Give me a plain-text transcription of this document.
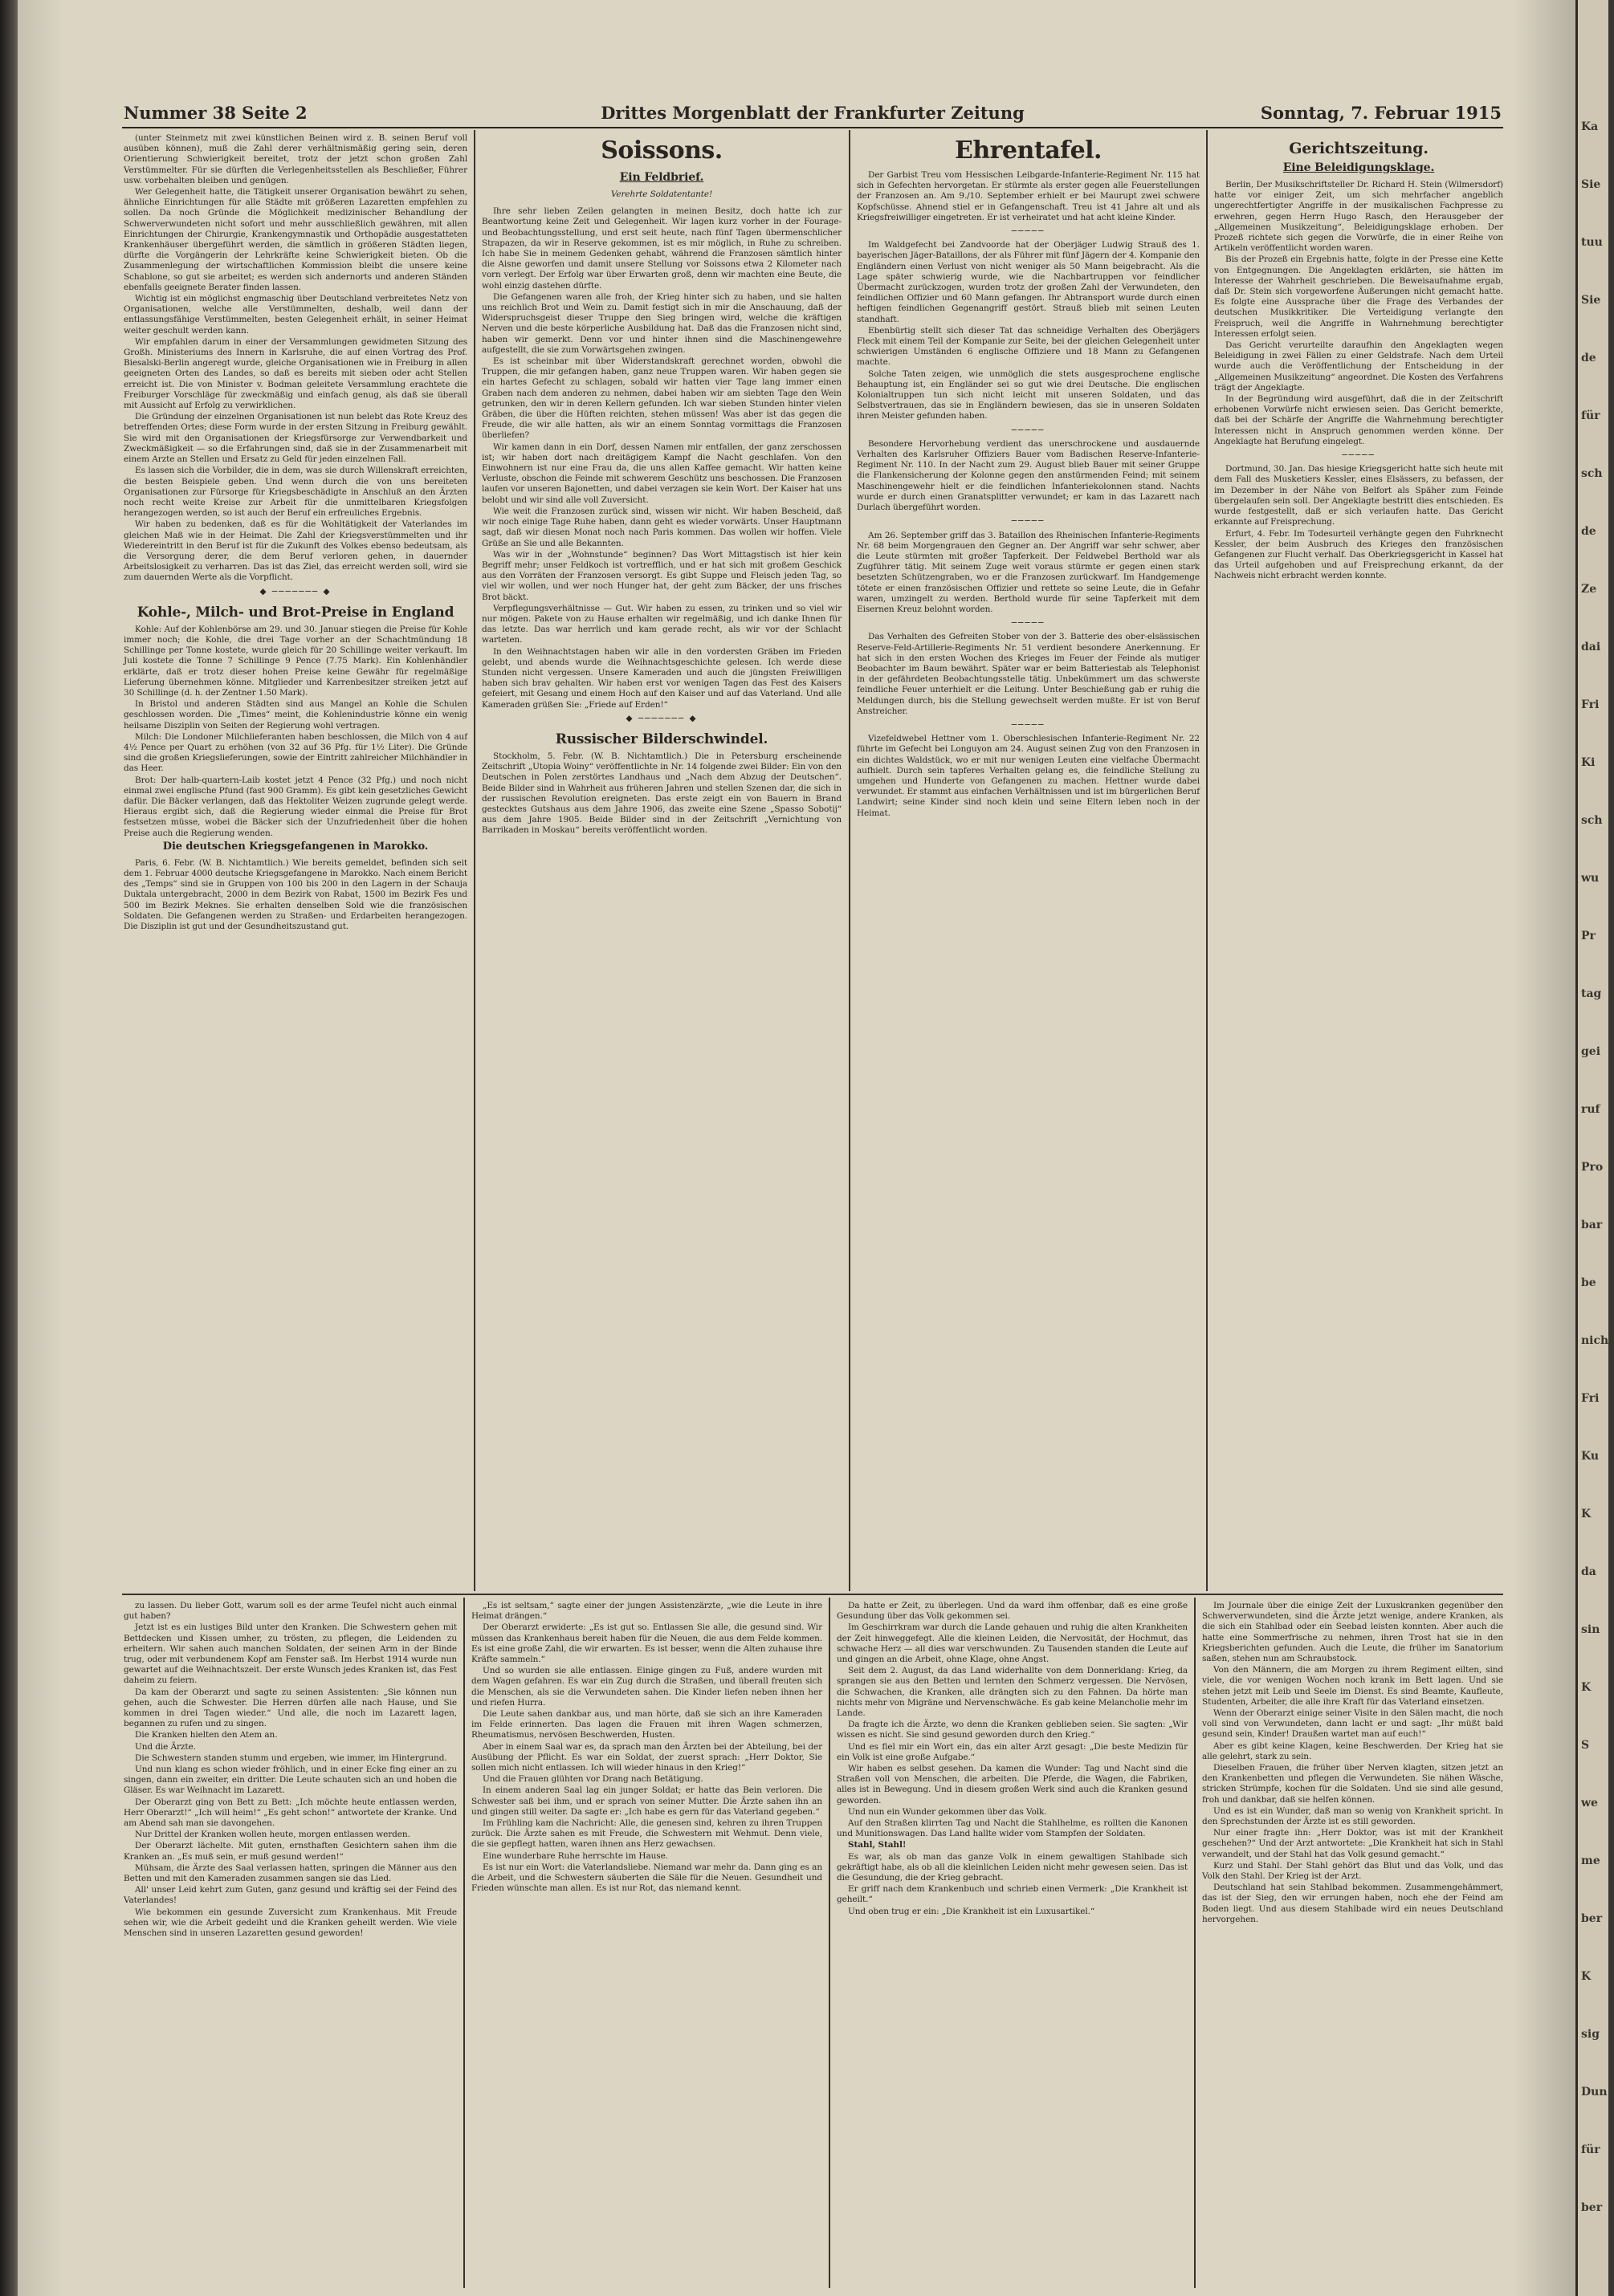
Nummer 38 Seite 2	Drittes Morgenblatt der Frankfurter Zeitung	Sonntag, 7. Februar 1915

(unter Steinmetz mit zwei künstlichen Beinen wird z. B. seinen Beruf voll ausüben können), muß die Zahl derer verhältnismäßig gering sein, deren Orientierung Schwierigkeit bereitet, trotz der jetzt schon großen Zahl Verstümmelter. Für sie dürften die Verlegenheitsstellen als Beschließer, Führer usw. vorbehalten bleiben und genügen.

Wer Gelegenheit hatte, die Tätigkeit unserer Organisation bewährt zu sehen, ähnliche Einrichtungen für alle Städte mit größeren Lazaretten empfehlen zu sollen. Da noch Gründe die Möglichkeit medizinischer Behandlung der Schwerverwundeten nicht sofort und mehr ausschließlich gewähren, mit allen Einrichtungen der Chirurgie, Krankengymnastik und Orthopädie ausgestatteten Krankenhäuser übergeführt werden, die sämtlich in größeren Städten liegen, dürfte die Vorgängerin der Lehrkräfte keine Schwierigkeit bieten. Ob die Zusammenlegung der wirtschaftlichen Kommission bleibt die unsere keine Schablone, so gut sie arbeitet; es werden sich andernorts und anderen Ständen ebenfalls geeignete Berater finden lassen.

Wichtig ist ein möglichst engmaschig über Deutschland verbreitetes Netz von Organisationen, welche alle Verstümmelten, deshalb, weil dann der entlassungsfähige Verstümmelten, besten Gelegenheit erhält, in seiner Heimat weiter geschult werden kann.

Wir empfahlen darum in einer der Versammlungen gewidmeten Sitzung des Großh. Ministeriums des Innern in Karlsruhe, die auf einen Vortrag des Prof. Biesalski-Berlin angeregt wurde, gleiche Organisationen wie in Freiburg in allen geeigneten Orten des Landes, so daß es bereits mit sieben oder acht Stellen erreicht ist. Die von Minister v. Bodman geleitete Versammlung erachtete die Freiburger Vorschläge für zweckmäßig und einfach genug, als daß sie überall mit Aussicht auf Erfolg zu verwirklichen.

Die Gründung der einzelnen Organisationen ist nun belebt das Rote Kreuz des betreffenden Ortes; diese Form wurde in der ersten Sitzung in Freiburg gewählt. Sie wird mit den Organisationen der Kriegsfürsorge zur Verwendbarkeit und Zweckmäßigkeit — so die Erfahrungen sind, daß sie in der Zusammenarbeit mit einem Arzte an Stellen und Ersatz zu Geld für jeden einzelnen Fall.

Es lassen sich die Vorbilder, die in dem, was sie durch Willenskraft erreichten, die besten Beispiele geben. Und wenn durch die von uns bereiteten Organisationen zur Fürsorge für Kriegsbeschädigte in Anschluß an den Ärzten noch recht weite Kreise zur Arbeit für die unmittelbaren Kriegsfolgen herangezogen werden, so ist auch der Beruf ein erfreuliches Ergebnis.

Wir haben zu bedenken, daß es für die Wohltätigkeit der Vaterlandes im gleichen Maß wie in der Heimat. Die Zahl der Kriegsverstümmelten und ihr Wiedereintritt in den Beruf ist für die Zukunft des Volkes ebenso bedeutsam, als die Versorgung derer, die dem Beruf verloren gehen, in dauernder Arbeitslosigkeit zu verharren. Das ist das Ziel, das erreicht werden soll, wird sie zum dauernden Werte als die Vorpflicht.

◆ ─────── ◆
Kohle-, Milch- und Brot-Preise in England

Kohle: Auf der Kohlenbörse am 29. und 30. Januar stiegen die Preise für Kohle immer noch; die Kohle, die drei Tage vorher an der Schachtmündung 18 Schillinge per Tonne kostete, wurde gleich für 20 Schillinge weiter verkauft. Im Juli kostete die Tonne 7 Schillinge 9 Pence (7.75 Mark). Ein Kohlenhändler erklärte, daß er trotz dieser hohen Preise keine Gewähr für regelmäßige Lieferung übernehmen könne. Mitglieder und Karrenbesitzer streiken jetzt auf 30 Schillinge (d. h. der Zentner 1.50 Mark).

In Bristol und anderen Städten sind aus Mangel an Kohle die Schulen geschlossen worden. Die „Times“ meint, die Kohlenindustrie könne ein wenig heilsame Disziplin von Seiten der Regierung wohl vertragen.

Milch: Die Londoner Milchlieferanten haben beschlossen, die Milch von 4 auf 4½ Pence per Quart zu erhöhen (von 32 auf 36 Pfg. für 1½ Liter). Die Gründe sind die großen Kriegslieferungen, sowie der Eintritt zahlreicher Milchhändler in das Heer.

Brot: Der halb-quartern-Laib kostet jetzt 4 Pence (32 Pfg.) und noch nicht einmal zwei englische Pfund (fast 900 Gramm). Es gibt kein gesetzliches Gewicht dafür. Die Bäcker verlangen, daß das Hektoliter Weizen zugrunde gelegt werde. Hieraus ergibt sich, daß die Regierung wieder einmal die Preise für Brot festsetzen müsse, wobei die Bäcker sich der Unzufriedenheit über die hohen Preise auch die Regierung wenden.

Die deutschen Kriegsgefangenen in Marokko.

Paris, 6. Febr. (W. B. Nichtamtlich.) Wie bereits gemeldet, befinden sich seit dem 1. Februar 4000 deutsche Kriegsgefangene in Marokko. Nach einem Bericht des „Temps“ sind sie in Gruppen von 100 bis 200 in den Lagern in der Schauja Duktala untergebracht, 2000 in dem Bezirk von Rabat, 1500 im Bezirk Fes und 500 im Bezirk Meknes. Sie erhalten denselben Sold wie die französischen Soldaten. Die Gefangenen werden zu Straßen- und Erdarbeiten herangezogen. Die Disziplin ist gut und der Gesundheitszustand gut.

Soissons.
Ein Feldbrief.
Verehrte Soldatentante!

Ihre sehr lieben Zeilen gelangten in meinen Besitz, doch hatte ich zur Beantwortung keine Zeit und Gelegenheit. Wir lagen kurz vorher in der Fourage- und Beobachtungsstellung, und erst seit heute, nach fünf Tagen übermenschlicher Strapazen, da wir in Reserve gekommen, ist es mir möglich, in Ruhe zu schreiben. Ich habe Sie in meinem Gedenken gehabt, während die Franzosen sämtlich hinter die Aisne geworfen und damit unsere Stellung vor Soissons etwa 2 Kilometer nach vorn verlegt. Der Erfolg war über Erwarten groß, denn wir machten eine Beute, die wohl einzig dastehen dürfte.

Die Gefangenen waren alle froh, der Krieg hinter sich zu haben, und sie halten uns reichlich Brot und Wein zu. Damit festigt sich in mir die Anschauung, daß der Widerspruchsgeist dieser Truppe den Sieg bringen wird, welche die kräftigen Nerven und die beste körperliche Ausbildung hat. Daß das die Franzosen nicht sind, haben wir gemerkt. Denn vor und hinter ihnen sind die Maschinengewehre aufgestellt, die sie zum Vorwärtsgehen zwingen.

Es ist scheinbar mit über Widerstandskraft gerechnet worden, obwohl die Truppen, die mir gefangen haben, ganz neue Truppen waren. Wir haben gegen sie ein hartes Gefecht zu schlagen, sobald wir hatten vier Tage lang immer einen Graben nach dem anderen zu nehmen, dabei haben wir am siebten Tage den Wein getrunken, den wir in deren Kellern gefunden. Ich war sieben Stunden hinter vielen Gräben, die über die Hüften reichten, stehen müssen! Was aber ist das gegen die Freude, die wir alle hatten, als wir an einem Sonntag vormittags die Franzosen überliefen?

Wir kamen dann in ein Dorf, dessen Namen mir entfallen, der ganz zerschossen ist; wir haben dort nach dreitägigem Kampf die Nacht geschlafen. Von den Einwohnern ist nur eine Frau da, die uns allen Kaffee gemacht. Wir hatten keine Verluste, obschon die Feinde mit schwerem Geschütz uns beschossen. Die Franzosen laufen vor unseren Bajonetten, und dabei verzagen sie kein Wort. Der Kaiser hat uns belobt und wir sind alle voll Zuversicht.

Wie weit die Franzosen zurück sind, wissen wir nicht. Wir haben Bescheid, daß wir noch einige Tage Ruhe haben, dann geht es wieder vorwärts. Unser Hauptmann sagt, daß wir diesen Monat noch nach Paris kommen. Das wollen wir hoffen. Viele Grüße an Sie und alle Bekannten.

Was wir in der „Wohnstunde“ beginnen? Das Wort Mittagstisch ist hier kein Begriff mehr; unser Feldkoch ist vortrefflich, und er hat sich mit großem Geschick aus den Vorräten der Franzosen versorgt. Es gibt Suppe und Fleisch jeden Tag, so viel wir wollen, und wer noch Hunger hat, der geht zum Bäcker, der uns frisches Brot bäckt.

Verpflegungsverhältnisse — Gut. Wir haben zu essen, zu trinken und so viel wir nur mögen. Pakete von zu Hause erhalten wir regelmäßig, und ich danke Ihnen für das letzte. Das war herrlich und kam gerade recht, als wir vor der Schlacht warteten.

In den Weihnachtstagen haben wir alle in den vordersten Gräben im Frieden gelebt, und abends wurde die Weihnachtsgeschichte gelesen. Ich werde diese Stunden nicht vergessen. Unsere Kameraden und auch die jüngsten Freiwilligen haben sich brav gehalten. Wir haben erst vor wenigen Tagen das Fest des Kaisers gefeiert, mit Gesang und einem Hoch auf den Kaiser und auf das Vaterland. Und alle Kameraden grüßen Sie: „Friede auf Erden!“

◆ ─────── ◆
Russischer Bilderschwindel.

Stockholm, 5. Febr. (W. B. Nichtamtlich.) Die in Petersburg erscheinende Zeitschrift „Utopia Woiny“ veröffentlichte in Nr. 14 folgende zwei Bilder: Ein von den Deutschen in Polen zerstörtes Landhaus und „Nach dem Abzug der Deutschen“. Beide Bilder sind in Wahrheit aus früheren Jahren und stellen Szenen dar, die sich in der russischen Revolution ereigneten. Das erste zeigt ein von Bauern in Brand gestecktes Gutshaus aus dem Jahre 1906, das zweite eine Szene „Spasso Sobotij“ aus dem Jahre 1905. Beide Bilder sind in der Zeitschrift „Vernichtung von Barrikaden in Moskau“ bereits veröffentlicht worden.

Ehrentafel.

Der Garbist Treu vom Hessischen Leibgarde-Infanterie-Regiment Nr. 115 hat sich in Gefechten hervorgetan. Er stürmte als erster gegen alle Feuerstellungen der Franzosen an. Am 9./10. September erhielt er bei Maurupt zwei schwere Kopfschüsse. Ahnend stiel er in Gefangenschaft. Treu ist 41 Jahre alt und als Kriegsfreiwilliger eingetreten. Er ist verheiratet und hat acht kleine Kinder.

─────

Im Waldgefecht bei Zandvoorde hat der Oberjäger Ludwig Strauß des 1. bayerischen Jäger-Bataillons, der als Führer mit fünf Jägern der 4. Kompanie den Engländern einen Verlust von nicht weniger als 50 Mann beigebracht. Als die Lage später schwierig wurde, wie die Nachbartruppen vor feindlicher Übermacht zurückzogen, wurden trotz der großen Zahl der Verwundeten, den feindlichen Offizier und 60 Mann gefangen. Ihr Abtransport wurde durch einen heftigen feindlichen Gegenangriff gestört. Strauß blieb mit seinen Leuten standhaft.

Ebenbürtig stellt sich dieser Tat das schneidige Verhalten des Oberjägers Fleck mit einem Teil der Kompanie zur Seite, bei der gleichen Gelegenheit unter schwierigen Umständen 6 englische Offiziere und 18 Mann zu Gefangenen machte.

Solche Taten zeigen, wie unmöglich die stets ausgesprochene englische Behauptung ist, ein Engländer sei so gut wie drei Deutsche. Die englischen Kolonialtruppen tun sich nicht leicht mit unseren Soldaten, und das Selbstvertrauen, das sie in Engländern bewiesen, das sie in unseren Soldaten ihren Meister gefunden haben.

─────

Besondere Hervorhebung verdient das unerschrockene und ausdauernde Verhalten des Karlsruher Offiziers Bauer vom Badischen Reserve-Infanterie-Regiment Nr. 110. In der Nacht zum 29. August blieb Bauer mit seiner Gruppe die Flankensicherung der Kolonne gegen den anstürmenden Feind; mit seinem Maschinengewehr hielt er die feindlichen Infanteriekolonnen stand. Nachts wurde er durch einen Granatsplitter verwundet; er kam in das Lazarett nach Durlach übergeführt worden.

─────

Am 26. September griff das 3. Bataillon des Rheinischen Infanterie-Regiments Nr. 68 beim Morgengrauen den Gegner an. Der Angriff war sehr schwer, aber die Leute stürmten mit großer Tapferkeit. Der Feldwebel Berthold war als Zugführer tätig. Mit seinem Zuge weit voraus stürmte er gegen einen stark besetzten Schützengraben, wo er die Franzosen zurückwarf. Im Handgemenge tötete er einen französischen Offizier und rettete so seine Leute, die in Gefahr waren, umzingelt zu werden. Berthold wurde für seine Tapferkeit mit dem Eisernen Kreuz belohnt worden.

─────

Das Verhalten des Gefreiten Stober von der 3. Batterie des ober-elsässischen Reserve-Feld-Artillerie-Regiments Nr. 51 verdient besondere Anerkennung. Er hat sich in den ersten Wochen des Krieges im Feuer der Feinde als mutiger Beobachter im Baum bewährt. Später war er beim Batteriestab als Telephonist in der gefährdeten Beobachtungsstelle tätig. Unbekümmert um das schwerste feindliche Feuer unterhielt er die Leitung. Unter Beschießung gab er ruhig die Meldungen durch, bis die Stellung gewechselt werden mußte. Er ist von Beruf Anstreicher.

─────

Vizefeldwebel Hettner vom 1. Oberschlesischen Infanterie-Regiment Nr. 22 führte im Gefecht bei Longuyon am 24. August seinen Zug von den Franzosen in ein dichtes Waldstück, wo er mit nur wenigen Leuten eine vielfache Übermacht aufhielt. Durch sein tapferes Verhalten gelang es, die feindliche Stellung zu umgehen und Hunderte von Gefangenen zu machen. Hettner wurde dabei verwundet. Er stammt aus einfachen Verhältnissen und ist im bürgerlichen Beruf Landwirt; seine Kinder sind noch klein und seine Eltern leben noch in der Heimat.

Gerichtszeitung.
Eine Beleidigungsklage.

Berlin, Der Musikschriftsteller Dr. Richard H. Stein (Wilmersdorf) hatte vor einiger Zeit, um sich mehrfacher angeblich ungerechtfertigter Angriffe in der musikalischen Fachpresse zu erwehren, gegen Herrn Hugo Rasch, den Herausgeber der „Allgemeinen Musikzeitung“, Beleidigungsklage erhoben. Der Prozeß richtete sich gegen die Vorwürfe, die in einer Reihe von Artikeln veröffentlicht worden waren.

Bis der Prozeß ein Ergebnis hatte, folgte in der Presse eine Kette von Entgegnungen. Die Angeklagten erklärten, sie hätten im Interesse der Wahrheit geschrieben. Die Beweisaufnahme ergab, daß Dr. Stein sich vorgeworfene Äußerungen nicht gemacht hatte. Es folgte eine Aussprache über die Frage des Verbandes der deutschen Musikkritiker. Die Verteidigung verlangte den Freispruch, weil die Angriffe in Wahrnehmung berechtigter Interessen erfolgt seien.

Das Gericht verurteilte daraufhin den Angeklagten wegen Beleidigung in zwei Fällen zu einer Geldstrafe. Nach dem Urteil wurde auch die Veröffentlichung der Entscheidung in der „Allgemeinen Musikzeitung“ angeordnet. Die Kosten des Verfahrens trägt der Angeklagte.

In der Begründung wird ausgeführt, daß die in der Zeitschrift erhobenen Vorwürfe nicht erwiesen seien. Das Gericht bemerkte, daß bei der Schärfe der Angriffe die Wahrnehmung berechtigter Interessen nicht in Anspruch genommen werden könne. Der Angeklagte hat Berufung eingelegt.

─────

Dortmund, 30. Jan. Das hiesige Kriegsgericht hatte sich heute mit dem Fall des Musketiers Kessler, eines Elsässers, zu befassen, der im Dezember in der Nähe von Belfort als Späher zum Feinde übergelaufen sein soll. Der Angeklagte bestritt dies entschieden. Es wurde festgestellt, daß er sich verlaufen hatte. Das Gericht erkannte auf Freisprechung.

Erfurt, 4. Febr. Im Todesurteil verhängte gegen den Fuhrknecht Kessler, der beim Ausbruch des Krieges den französischen Gefangenen zur Flucht verhalf. Das Oberkriegsgericht in Kassel hat das Urteil aufgehoben und auf Freisprechung erkannt, da der Nachweis nicht erbracht werden konnte.

zu lassen. Du lieber Gott, warum soll es der arme Teufel nicht auch einmal gut haben?

Jetzt ist es ein lustiges Bild unter den Kranken. Die Schwestern gehen mit Bettdecken und Kissen umher, zu trösten, zu pflegen, die Leidenden zu erheitern. Wir sahen auch manchen Soldaten, der seinen Arm in der Binde trug, oder mit verbundenem Kopf am Fenster saß. Im Herbst 1914 wurde nun gewartet auf die Weihnachtszeit. Der erste Wunsch jedes Kranken ist, das Fest daheim zu feiern.

Da kam der Oberarzt und sagte zu seinen Assistenten: „Sie können nun gehen, auch die Schwester. Die Herren dürfen alle nach Hause, und Sie kommen in drei Tagen wieder.“ Und alle, die noch im Lazarett lagen, begannen zu rufen und zu singen.

Die Kranken hielten den Atem an.

Und die Ärzte.

Die Schwestern standen stumm und ergeben, wie immer, im Hintergrund.

Und nun klang es schon wieder fröhlich, und in einer Ecke fing einer an zu singen, dann ein zweiter, ein dritter. Die Leute schauten sich an und hoben die Gläser. Es war Weihnacht im Lazarett.

Der Oberarzt ging von Bett zu Bett: „Ich möchte heute entlassen werden, Herr Oberarzt!“ „Ich will heim!“ „Es geht schon!“ antwortete der Kranke. Und am Abend sah man sie davongehen.

Nur Drittel der Kranken wollen heute, morgen entlassen werden.

Der Oberarzt lächelte. Mit guten, ernsthaften Gesichtern sahen ihm die Kranken an. „Es muß sein, er muß gesund werden!“

Mühsam, die Ärzte des Saal verlassen hatten, springen die Männer aus den Betten und mit den Kameraden zusammen sangen sie das Lied.

All' unser Leid kehrt zum Guten, ganz gesund und kräftig sei der Feind des Vaterlandes!

Wie bekommen ein gesunde Zuversicht zum Krankenhaus. Mit Freude sehen wir, wie die Arbeit gedeiht und die Kranken geheilt werden. Wie viele Menschen sind in unseren Lazaretten gesund geworden!

„Es ist seltsam,“ sagte einer der jungen Assistenzärzte, „wie die Leute in ihre Heimat drängen.“

Der Oberarzt erwiderte: „Es ist gut so. Entlassen Sie alle, die gesund sind. Wir müssen das Krankenhaus bereit haben für die Neuen, die aus dem Felde kommen. Es ist eine große Zahl, die wir erwarten. Es ist besser, wenn die Alten zuhause ihre Kräfte sammeln.“

Und so wurden sie alle entlassen. Einige gingen zu Fuß, andere wurden mit dem Wagen gefahren. Es war ein Zug durch die Straßen, und überall freuten sich die Menschen, als sie die Verwundeten sahen. Die Kinder liefen neben ihnen her und riefen Hurra.

Die Leute sahen dankbar aus, und man hörte, daß sie sich an ihre Kameraden im Felde erinnerten. Das lagen die Frauen mit ihren Wagen schmerzen, Rheumatismus, nervösen Beschwerden, Husten.

Aber in einem Saal war es, da sprach man den Ärzten bei der Abteilung, bei der Ausübung der Pflicht. Es war ein Soldat, der zuerst sprach: „Herr Doktor, Sie sollen mich nicht entlassen. Ich will wieder hinaus in den Krieg!“

Und die Frauen glühten vor Drang nach Betätigung.

In einem anderen Saal lag ein junger Soldat; er hatte das Bein verloren. Die Schwester saß bei ihm, und er sprach von seiner Mutter. Die Ärzte sahen ihn an und gingen still weiter. Da sagte er: „Ich habe es gern für das Vaterland gegeben.“

Im Frühling kam die Nachricht: Alle, die genesen sind, kehren zu ihren Truppen zurück. Die Ärzte sahen es mit Freude, die Schwestern mit Wehmut. Denn viele, die sie gepflegt hatten, waren ihnen ans Herz gewachsen.

Eine wunderbare Ruhe herrschte im Hause.

Es ist nur ein Wort: die Vaterlandsliebe. Niemand war mehr da. Dann ging es an die Arbeit, und die Schwestern säuberten die Säle für die Neuen. Gesundheit und Frieden wünschte man allen. Es ist nur Rot, das niemand kennt.

Da hatte er Zeit, zu überlegen. Und da ward ihm offenbar, daß es eine große Gesundung über das Volk gekommen sei.

Im Geschirrkram war durch die Lande gehauen und ruhig die alten Krankheiten der Zeit hinweggefegt. Alle die kleinen Leiden, die Nervosität, der Hochmut, das schwache Herz — all dies war verschwunden. Zu Tausenden standen die Leute auf und gingen an die Arbeit, ohne Klage, ohne Angst.

Seit dem 2. August, da das Land widerhallte von dem Donnerklang: Krieg, da sprangen sie aus den Betten und lernten den Schmerz vergessen. Die Nervösen, die Schwachen, die Kranken, alle drängten sich zu den Fahnen. Da hörte man nichts mehr von Migräne und Nervenschwäche. Es gab keine Melancholie mehr im Lande.

Da fragte ich die Ärzte, wo denn die Kranken geblieben seien. Sie sagten: „Wir wissen es nicht. Sie sind gesund geworden durch den Krieg.“

Und es fiel mir ein Wort ein, das ein alter Arzt gesagt: „Die beste Medizin für ein Volk ist eine große Aufgabe.“

Wir haben es selbst gesehen. Da kamen die Wunder: Tag und Nacht sind die Straßen voll von Menschen, die arbeiten. Die Pferde, die Wagen, die Fabriken, alles ist in Bewegung. Und in diesem großen Werk sind auch die Kranken gesund geworden.

Und nun ein Wunder gekommen über das Volk.

Auf den Straßen klirrten Tag und Nacht die Stahlhelme, es rollten die Kanonen und Munitionswagen. Das Land hallte wider vom Stampfen der Soldaten.

Stahl, Stahl!

Es war, als ob man das ganze Volk in einem gewaltigen Stahlbade sich gekräftigt habe, als ob all die kleinlichen Leiden nicht mehr gewesen seien. Das ist die Gesundung, die der Krieg gebracht.

Er griff nach dem Krankenbuch und schrieb einen Vermerk: „Die Krankheit ist geheilt.“

Und oben trug er ein: „Die Krankheit ist ein Luxusartikel.“

Im Journale über die einige Zeit der Luxuskranken gegenüber den Schwerverwundeten, sind die Ärzte jetzt wenige, andere Kranken, als die sich ein Stahlbad oder ein Seebad leisten konnten. Aber auch die hatte eine Sommerfrische zu nehmen, ihren Trost hat sie in den Kriegsberichten gefunden. Auch die Leute, die früher im Sanatorium saßen, stehen nun am Schraubstock.

Von den Männern, die am Morgen zu ihrem Regiment eilten, sind viele, die vor wenigen Wochen noch krank im Bett lagen. Und sie stehen jetzt mit Leib und Seele im Dienst. Es sind Beamte, Kaufleute, Studenten, Arbeiter, die alle ihre Kraft für das Vaterland einsetzen.

Wenn der Oberarzt einige seiner Visite in den Sälen macht, die noch voll sind von Verwundeten, dann lacht er und sagt: „Ihr müßt bald gesund sein, Kinder! Draußen wartet man auf euch!“

Aber es gibt keine Klagen, keine Beschwerden. Der Krieg hat sie alle gelehrt, stark zu sein.

Dieselben Frauen, die früher über Nerven klagten, sitzen jetzt an den Krankenbetten und pflegen die Verwundeten. Sie nähen Wäsche, stricken Strümpfe, kochen für die Soldaten. Und sie sind alle gesund, froh und dankbar, daß sie helfen können.

Und es ist ein Wunder, daß man so wenig von Krankheit spricht. In den Sprechstunden der Ärzte ist es still geworden.

Nur einer fragte ihn: „Herr Doktor, was ist mit der Krankheit geschehen?“ Und der Arzt antwortete: „Die Krankheit hat sich in Stahl verwandelt, und der Stahl hat das Volk gesund gemacht.“

Kurz und Stahl. Der Stahl gehört das Blut und das Volk, und das Volk den Stahl. Der Krieg ist der Arzt.

Deutschland hat sein Stahlbad bekommen. Zusammengehämmert, das ist der Sieg, den wir errungen haben, noch ehe der Feind am Boden liegt. Und aus diesem Stahlbade wird ein neues Deutschland hervorgehen.

Ka
Sie
tuu
Sie
de
für
sch
de
Ze
dai
Fri
Ki
sch
wu
Pr
tag
gei
ruf
Pro
bar
be
nicht
Fri
Ku
K
da
sin
K
S
we
me
ber
K
sig
Dun
für
ber
